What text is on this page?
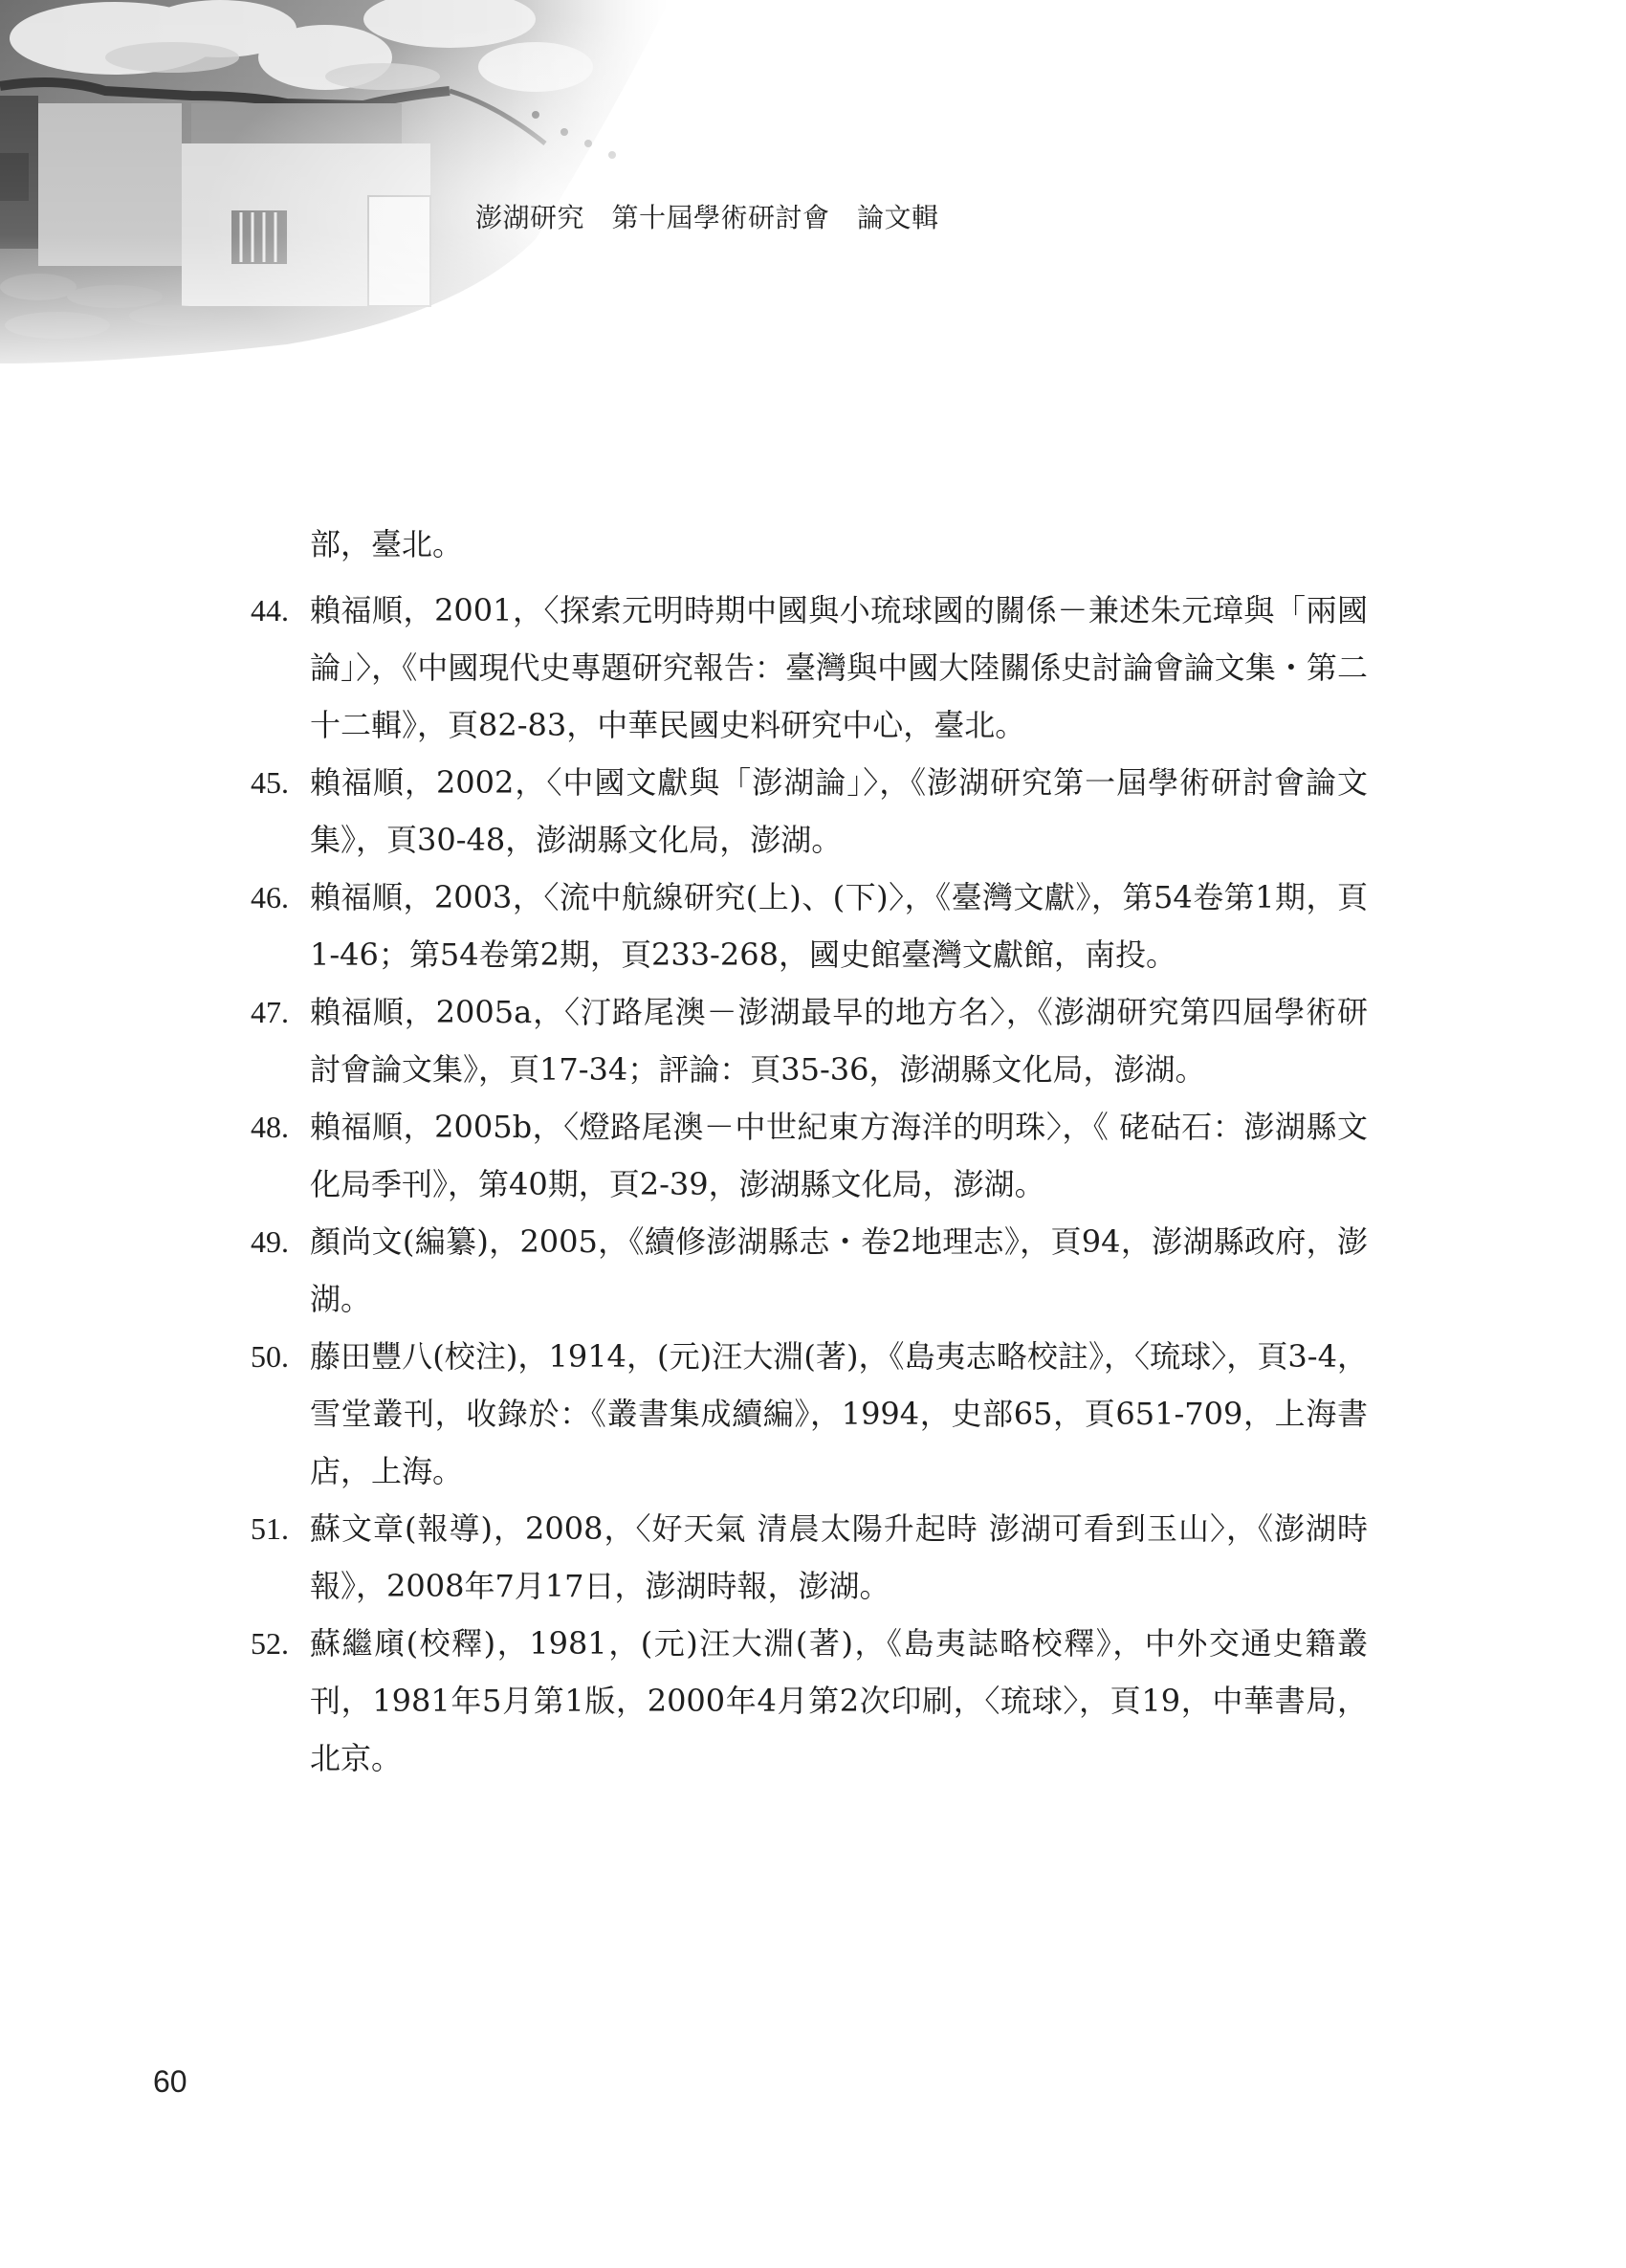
澎湖研究　第十屆學術研討會　論文輯
部，臺北。
44. 賴福順，2001，〈探索元明時期中國與小琉球國的關係－兼述朱元璋與「兩國論」〉，《中國現代史專題研究報告：臺灣與中國大陸關係史討論會論文集・第二十二輯》，頁82-83，中華民國史料研究中心，臺北。
45. 賴福順，2002，〈中國文獻與「澎湖論」〉，《澎湖研究第一屆學術研討會論文集》，頁30-48，澎湖縣文化局，澎湖。
46. 賴福順，2003，〈流中航線研究(上)、(下)〉，《臺灣文獻》，第54卷第1期，頁1-46；第54卷第2期，頁233-268，國史館臺灣文獻館，南投。
47. 賴福順，2005a，〈汀路尾澳－澎湖最早的地方名〉，《澎湖研究第四屆學術研討會論文集》，頁17-34；評論：頁35-36，澎湖縣文化局，澎湖。
48. 賴福順，2005b，〈燈路尾澳－中世紀東方海洋的明珠〉，《 硓𥑮石：澎湖縣文化局季刊》，第40期，頁2-39，澎湖縣文化局，澎湖。
49. 顏尚文(編纂)，2005，《續修澎湖縣志・卷2地理志》，頁94，澎湖縣政府，澎湖。
50. 藤田豐八(校注)，1914，(元)汪大淵(著)，《島夷志略校註》，〈琉球〉，頁3-4，雪堂叢刊，收錄於：《叢書集成續編》，1994，史部65，頁651-709，上海書店，上海。
51. 蘇文章(報導)，2008，〈好天氣 清晨太陽升起時 澎湖可看到玉山〉，《澎湖時報》，2008年7月17日，澎湖時報，澎湖。
52. 蘇繼廎(校釋)，1981，(元)汪大淵(著)，《島夷誌略校釋》，中外交通史籍叢刊，1981年5月第1版，2000年4月第2次印刷，〈琉球〉，頁19，中華書局，北京。
60
